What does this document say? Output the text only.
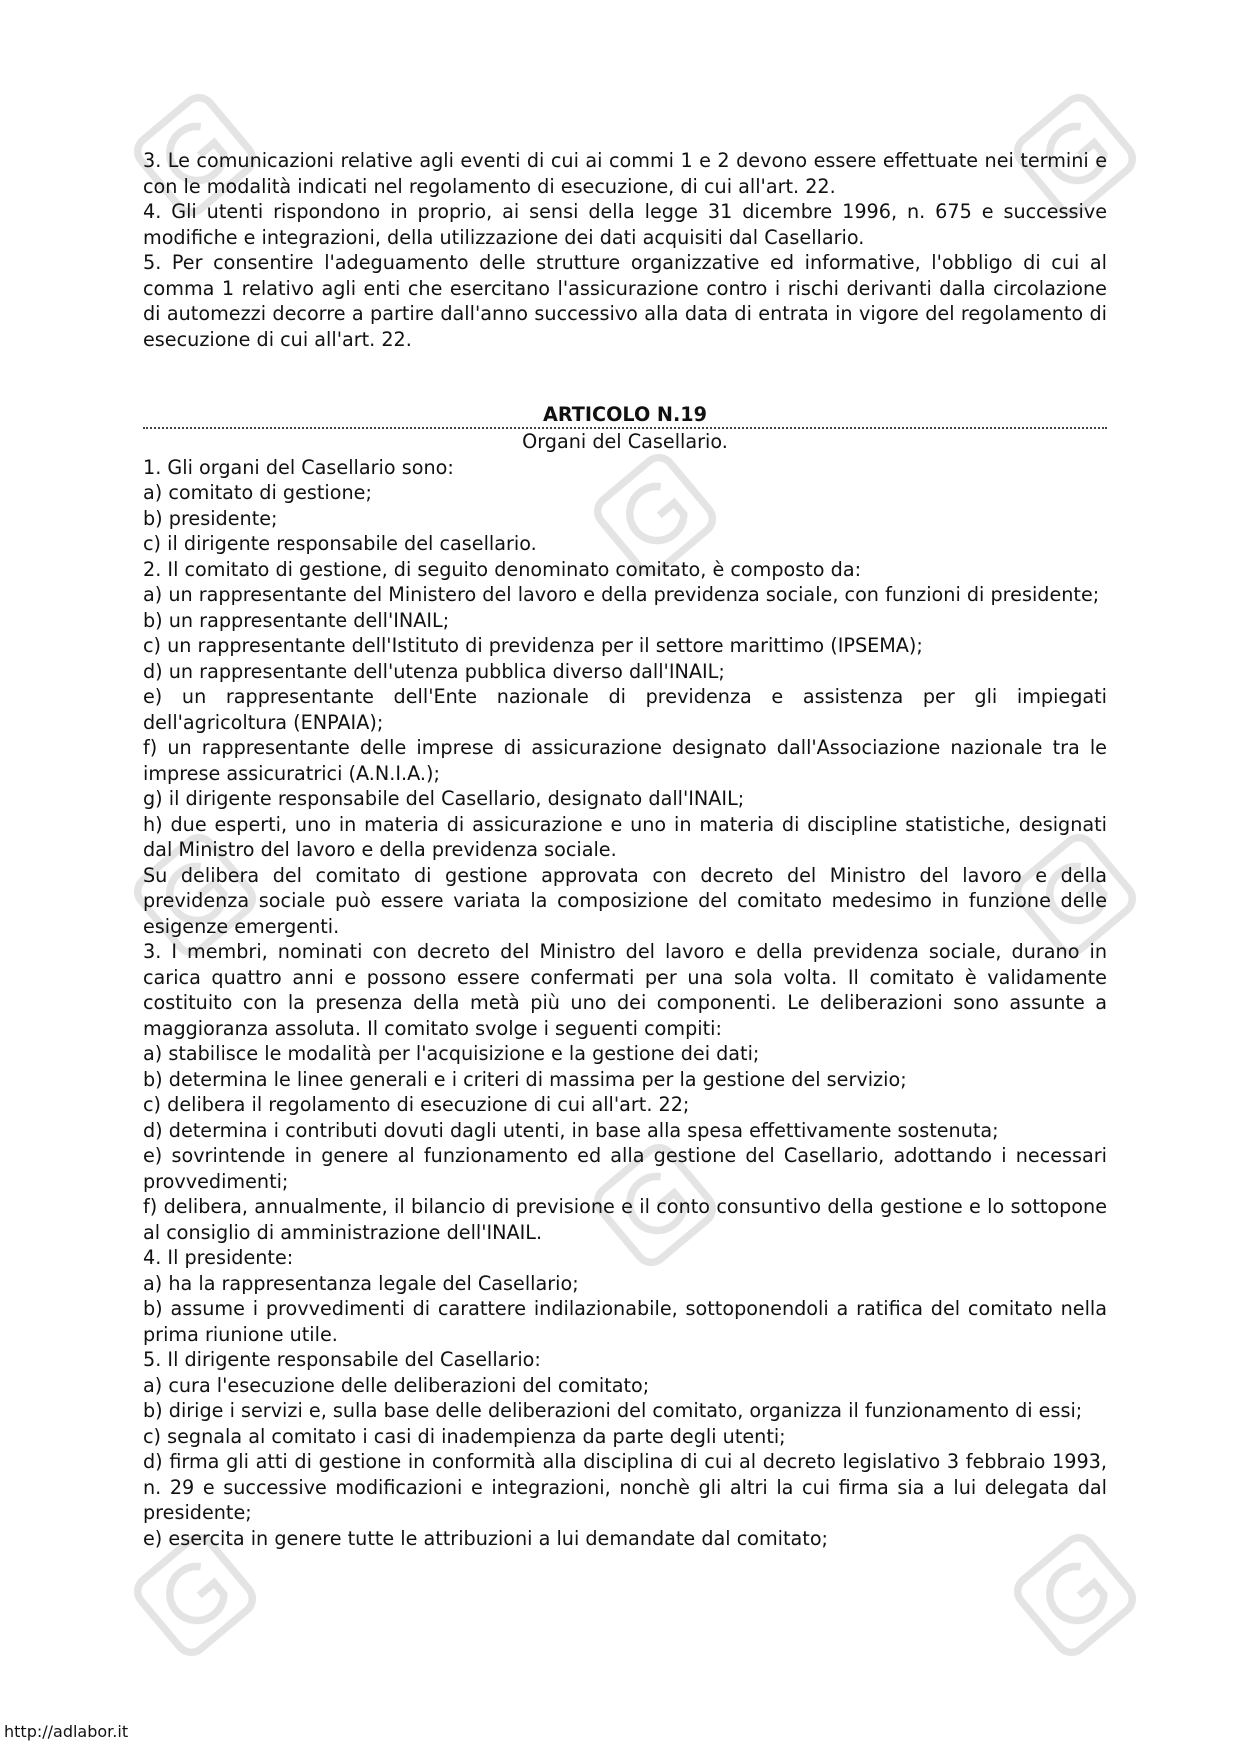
3. Le comunicazioni relative agli eventi di cui ai commi 1 e 2 devono essere effettuate nei termini e con le modalità indicati nel regolamento di esecuzione, di cui all'art. 22.

4. Gli utenti rispondono in proprio, ai sensi della legge 31 dicembre 1996, n. 675 e successive modifiche e integrazioni, della utilizzazione dei dati acquisiti dal Casellario.

5. Per consentire l'adeguamento delle strutture organizzative ed informative, l'obbligo di cui al comma 1 relativo agli enti che esercitano l'assicurazione contro i rischi derivanti dalla circolazione di automezzi decorre a partire dall'anno successivo alla data di entrata in vigore del regolamento di esecuzione di cui all'art. 22.

ARTICOLO N.19
Organi del Casellario.

1. Gli organi del Casellario sono:

a) comitato di gestione;

b) presidente;

c) il dirigente responsabile del casellario.

2. Il comitato di gestione, di seguito denominato comitato, è composto da:

a) un rappresentante del Ministero del lavoro e della previdenza sociale, con funzioni di presidente;

b) un rappresentante dell'INAIL;

c) un rappresentante dell'Istituto di previdenza per il settore marittimo (IPSEMA);

d) un rappresentante dell'utenza pubblica diverso dall'INAIL;

e) un rappresentante dell'Ente nazionale di previdenza e assistenza per gli impiegati dell'agricoltura (ENPAIA);

f) un rappresentante delle imprese di assicurazione designato dall'Associazione nazionale tra le imprese assicuratrici (A.N.I.A.);

g) il dirigente responsabile del Casellario, designato dall'INAIL;

h) due esperti, uno in materia di assicurazione e uno in materia di discipline statistiche, designati dal Ministro del lavoro e della previdenza sociale.

Su delibera del comitato di gestione approvata con decreto del Ministro del lavoro e della previdenza sociale può essere variata la composizione del comitato medesimo in funzione delle esigenze emergenti.

3. I membri, nominati con decreto del Ministro del lavoro e della previdenza sociale, durano in carica quattro anni e possono essere confermati per una sola volta. Il comitato è validamente costituito con la presenza della metà più uno dei componenti. Le deliberazioni sono assunte a maggioranza assoluta. Il comitato svolge i seguenti compiti:

a) stabilisce le modalità per l'acquisizione e la gestione dei dati;

b) determina le linee generali e i criteri di massima per la gestione del servizio;

c) delibera il regolamento di esecuzione di cui all'art. 22;

d) determina i contributi dovuti dagli utenti, in base alla spesa effettivamente sostenuta;

e) sovrintende in genere al funzionamento ed alla gestione del Casellario, adottando i necessari provvedimenti;

f) delibera, annualmente, il bilancio di previsione e il conto consuntivo della gestione e lo sottopone al consiglio di amministrazione dell'INAIL.

4. Il presidente:

a) ha la rappresentanza legale del Casellario;

b) assume i provvedimenti di carattere indilazionabile, sottoponendoli a ratifica del comitato nella prima riunione utile.

5. Il dirigente responsabile del Casellario:

a) cura l'esecuzione delle deliberazioni del comitato;

b) dirige i servizi e, sulla base delle deliberazioni del comitato, organizza il funzionamento di essi;

c) segnala al comitato i casi di inadempienza da parte degli utenti;

d) firma gli atti di gestione in conformità alla disciplina di cui al decreto legislativo 3 febbraio 1993, n. 29 e successive modificazioni e integrazioni, nonchè gli altri la cui firma sia a lui delegata dal presidente;

e) esercita in genere tutte le attribuzioni a lui demandate dal comitato;

http://adlabor.it
